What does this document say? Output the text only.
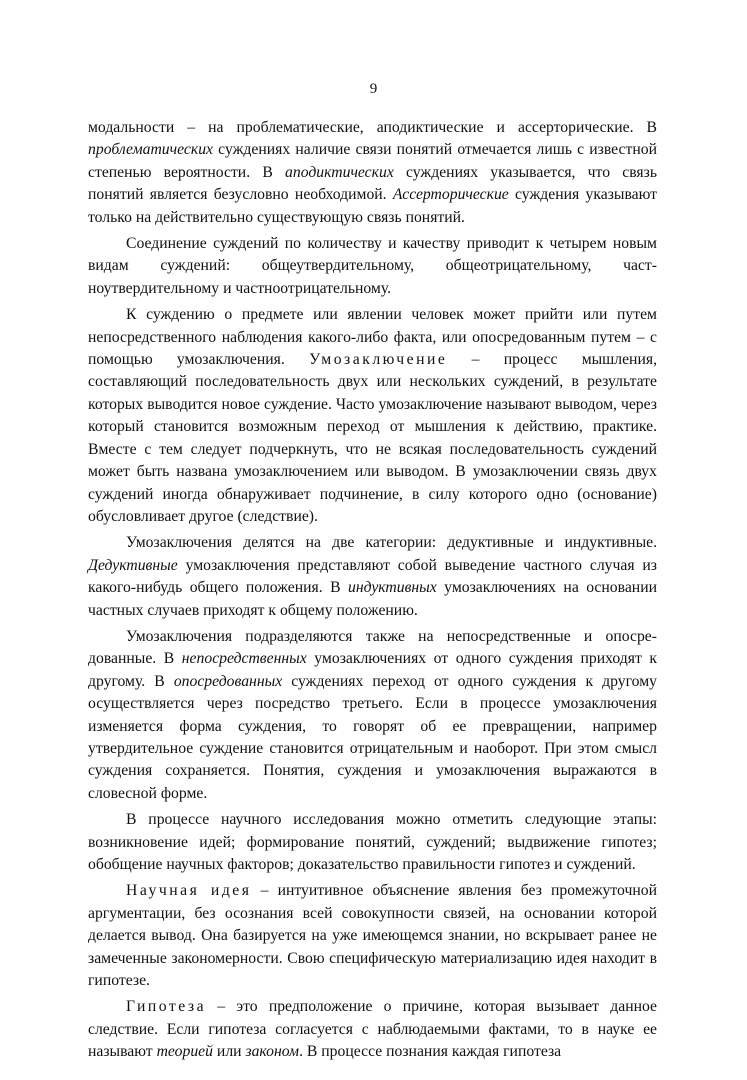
9

модальности – на проблематические, аподиктические и ассерторические. В проблематических суждениях наличие связи понятий отмечается лишь с известной степенью вероятности. В аподиктических суждениях указывается, что связь понятий является безусловно необходимой. Ассерторические суждения указывают только на действительно существующую связь понятий.

Соединение суждений по количеству и качеству приводит к четырем новым видам суждений: общеутвердительному, общеотрицательному, частноутвердительному и частноотрицательному.

К суждению о предмете или явлении человек может прийти или путем непосредственного наблюдения какого-либо факта, или опосредованным путем – с помощью умозаключения. Умозаключение – процесс мышления, составляющий последовательность двух или нескольких суждений, в результате которых выводится новое суждение. Часто умозаключение называют выводом, через который становится возможным переход от мышления к действию, практике. Вместе с тем следует подчеркнуть, что не всякая последовательность суждений может быть названа умозаключением или выводом. В умозаключении связь двух суждений иногда обнаруживает подчинение, в силу которого одно (основание) обусловливает другое (следствие).

Умозаключения делятся на две категории: дедуктивные и индуктивные. Дедуктивные умозаключения представляют собой выведение частного случая из какого-нибудь общего положения. В индуктивных умозаключениях на основании частных случаев приходят к общему положению.

Умозаключения подразделяются также на непосредственные и опосредованные. В непосредственных умозаключениях от одного суждения приходят к другому. В опосредованных суждениях переход от одного суждения к другому осуществляется через посредство третьего. Если в процессе умозаключения изменяется форма суждения, то говорят об ее превращении, например утвердительное суждение становится отрицательным и наоборот. При этом смысл суждения сохраняется. Понятия, суждения и умозаключения выражаются в словесной форме.

В процессе научного исследования можно отметить следующие этапы: возникновение идей; формирование понятий, суждений; выдвижение гипотез; обобщение научных факторов; доказательство правильности гипотез и суждений.

Научная идея – интуитивное объяснение явления без промежуточной аргументации, без осознания всей совокупности связей, на основании которой делается вывод. Она базируется на уже имеющемся знании, но вскрывает ранее не замеченные закономерности. Свою специфическую материализацию идея находит в гипотезе.

Гипотеза – это предположение о причине, которая вызывает данное следствие. Если гипотеза согласуется с наблюдаемыми фактами, то в науке ее называют теорией или законом. В процессе познания каждая гипотеза
